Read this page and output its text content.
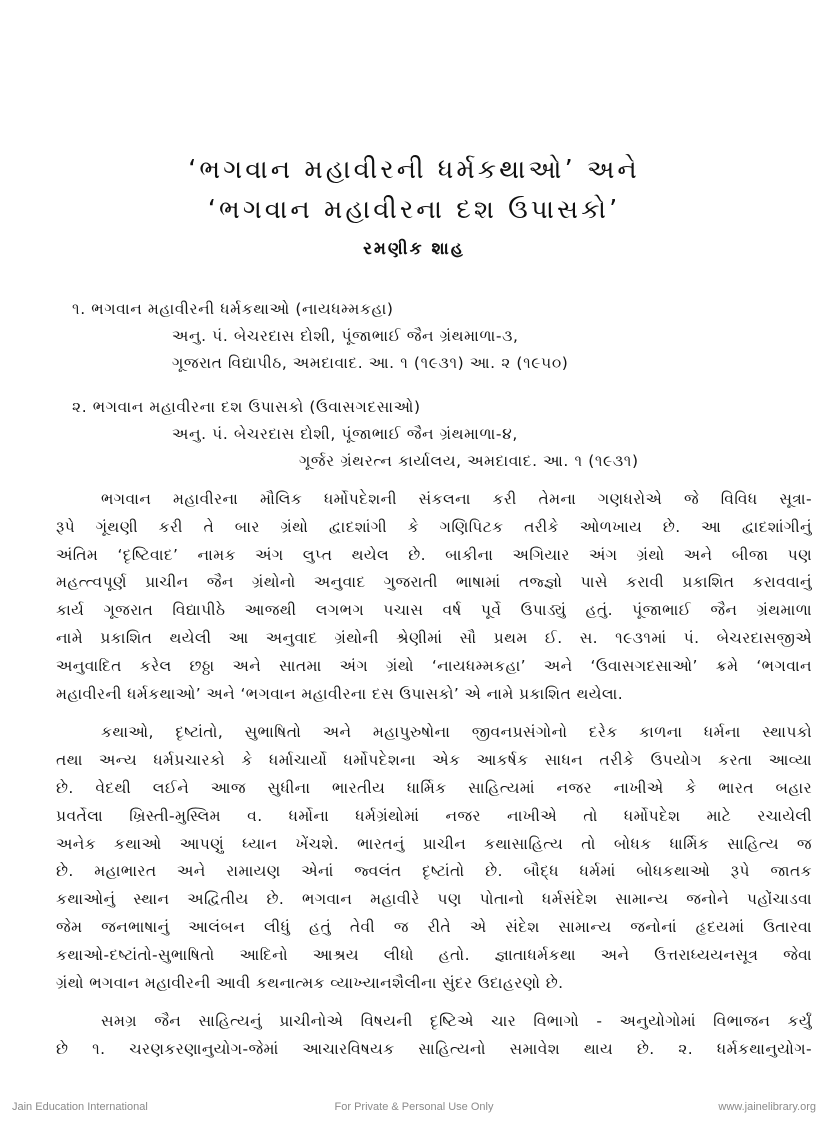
‘ભગવાન મહાવીરની ધર્મકથાઓ’ અને
‘ભગવાન મહાવીરના દશ ઉપાસકો’
રમણીક શાહ
૧. ભગવાન મહાવીરની ધર્મકથાઓ (નાયધમ્મકહા)
અનુ. પં. બેચરદાસ દોશી, પૂંજાભાઈ જૈન ગ્રંથમાળા-૩,
ગૂજરાત વિદ્યાપીઠ, અમદાવાદ. આ. ૧ (૧૯૩૧) આ. ૨ (૧૯૫૦)
૨. ભગવાન મહાવીરના દશ ઉપાસકો (ઉવાસગદસાઓ)
અનુ. પં. બેચરદાસ દોશી, પૂંજાભાઈ જૈન ગ્રંથમાળા-૪,
ગૂર્જર ગ્રંથરત્ન કાર્યાલય, અમદાવાદ. આ. ૧ (૧૯૩૧)
ભગવાન મહાવીરના મૌલિક ધર્મોપદેશની સંકલના કરી તેમના ગણધરોએ જે વિવિધ સૂત્રા-
રૂપે ગૂંથણી કરી તે બાર ગ્રંથો દ્વાદશાંગી કે ગણિપિટક તરીકે ઓળખાય છે. આ દ્વાદશાંગીનું
અંતિમ ‘દૃષ્ટિવાદ’ નામક અંગ લુપ્ત થયેલ છે. બાકીના અગિયાર અંગ ગ્રંથો અને બીજા પણ
મહત્ત્વપૂર્ણ પ્રાચીન જૈન ગ્રંથોનો અનુવાદ ગુજરાતી ભાષામાં તજ્જ્ઞો પાસે કરાવી પ્રકાશિત કરાવવાનું
કાર્ય ગૂજરાત વિદ્યાપીઠે આજથી લગભગ પચાસ વર્ષ પૂર્વે ઉપાડ્યું હતું. પૂંજાભાઈ જૈન ગ્રંથમાળા
નામે પ્રકાશિત થયેલી આ અનુવાદ ગ્રંથોની શ્રેણીમાં સૌ પ્રથમ ઈ. સ. ૧૯૩૧માં પં. બેચરદાસજીએ
અનુવાદિત કરેલ છઠ્ઠા અને સાતમા અંગ ગ્રંથો ‘નાયધમ્મકહા’ અને ‘ઉવાસગદસાઓ’ ક્રમે ‘ભગવાન
મહાવીરની ધર્મકથાઓ’ અને ‘ભગવાન મહાવીરના દસ ઉપાસકો’ એ નામે પ્રકાશિત થયેલા.
કથાઓ, દૃષ્ટાંતો, સુભાષિતો અને મહાપુરુષોના જીવનપ્રસંગોનો દરેક કાળના ધર્મના સ્થાપકો
તથા અન્ય ધર્મપ્રચારકો કે ધર્માચાર્યો ધર્મોપદેશના એક આકર્ષક સાધન તરીકે ઉપયોગ કરતા આવ્યા
છે. વેદથી લઈને આજ સુધીના ભારતીય ધાર્મિક સાહિત્યમાં નજર નાખીએ કે ભારત બહાર
પ્રવર્તેલા ખ્રિસ્તી-મુસ્લિમ વ. ધર્મોના ધર્મગ્રંથોમાં નજર નાખીએ તો ધર્મોપદેશ માટે રચાયેલી
અનેક કથાઓ આપણું ધ્યાન ખેંચશે. ભારતનું પ્રાચીન કથાસાહિત્ય તો બોધક ધાર્મિક સાહિત્ય જ
છે. મહાભારત અને રામાયણ એનાં જ્વલંત દૃષ્ટાંતો છે. બૌદ્ધ ધર્મમાં બોધકથાઓ રૂપે જાતક
કથાઓનું સ્થાન અદ્વિતીય છે. ભગવાન મહાવીરે પણ પોતાનો ધર્મસંદેશ સામાન્ય જનોને પહોંચાડવા
જેમ જનભાષાનું આલંબન લીધું હતું તેવી જ રીતે એ સંદેશ સામાન્ય જનોનાં હૃદયમાં ઉતારવા
કથાઓ-દષ્ટાંતો-સુભાષિતો આદિનો આશ્રય લીધો હતો. જ્ઞાતાધર્મકથા અને ઉત્તરાધ્યયનસૂત્ર જેવા
ગ્રંથો ભગવાન મહાવીરની આવી કથનાત્મક વ્યાખ્યાનશૈલીના સુંદર ઉદાહરણો છે.
સમગ્ર જૈન સાહિત્યનું પ્રાચીનોએ વિષયની દૃષ્ટિએ ચાર વિભાગો - અનુયોગોમાં વિભાજન કર્યું
છે ૧. ચરણકરણાનુયોગ-જેમાં આચારવિષયક સાહિત્યનો સમાવેશ થાય છે. ૨. ધર્મકથાનુયોગ-
Jain Education International	For Private & Personal Use Only	www.jainelibrary.org
